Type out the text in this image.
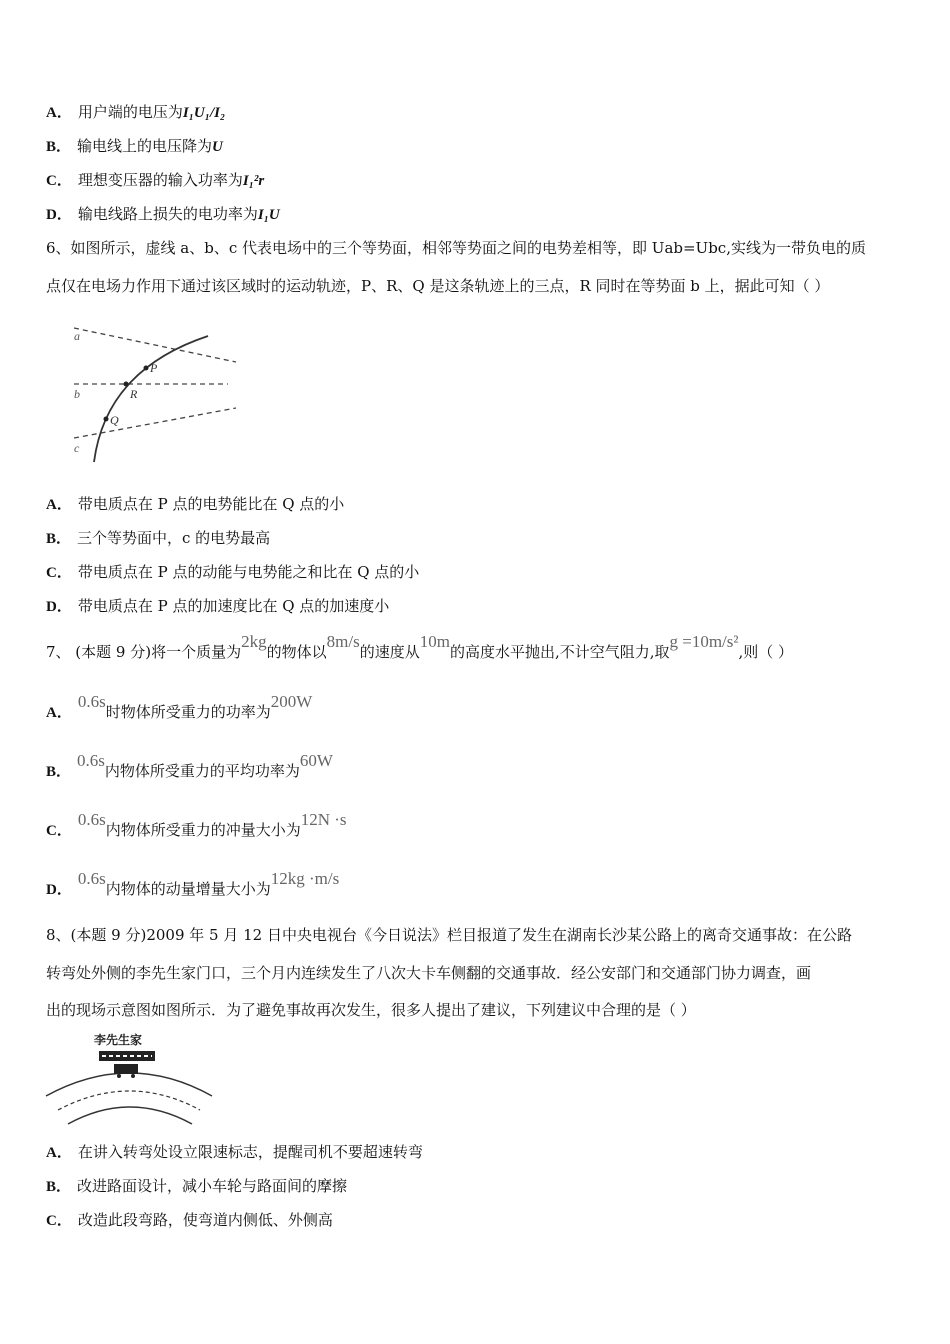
A． 用户端的电压为I₁U₁/I₂
B． 输电线上的电压降为U
C． 理想变压器的输入功率为I₁²r
D． 输电线路上损失的电功率为I₁U
6、如图所示，虚线 a、b、c 代表电场中的三个等势面，相邻等势面之间的电势差相等，即 Uab=Ubc,实线为一带负电的质
点仅在电场力作用下通过该区域时的运动轨迹，P、R、Q 是这条轨迹上的三点，R 同时在等势面 b 上，据此可知（ ）
a
b
c
P
R
Q
A． 带电质点在 P 点的电势能比在 Q 点的小
B． 三个等势面中，c 的电势最高
C． 带电质点在 P 点的动能与电势能之和比在 Q 点的小
D． 带电质点在 P 点的加速度比在 Q 点的加速度小
7、 (本题 9 分)将一个质量为2kg的物体以8m/s的速度从10m的高度水平抛出,不计空气阻力,取g =10m/s²,则（ ）
A．0.6s时物体所受重力的功率为200W
B．0.6s内物体所受重力的平均功率为60W
C．0.6s内物体所受重力的冲量大小为12N ·s
D．0.6s内物体的动量增量大小为12kg ·m/s
8、(本题 9 分)2009 年 5 月 12 日中央电视台《今日说法》栏目报道了发生在湖南长沙某公路上的离奇交通事故：在公路
转弯处外侧的李先生家门口，三个月内连续发生了八次大卡车侧翻的交通事故．经公安部门和交通部门协力调查，画
出的现场示意图如图所示．为了避免事故再次发生，很多人提出了建议，下列建议中合理的是（ ）
李先生家
A． 在讲入转弯处设立限速标志，提醒司机不要超速转弯
B． 改进路面设计，减小车轮与路面间的摩擦
C． 改造此段弯路，使弯道内侧低、外侧高
